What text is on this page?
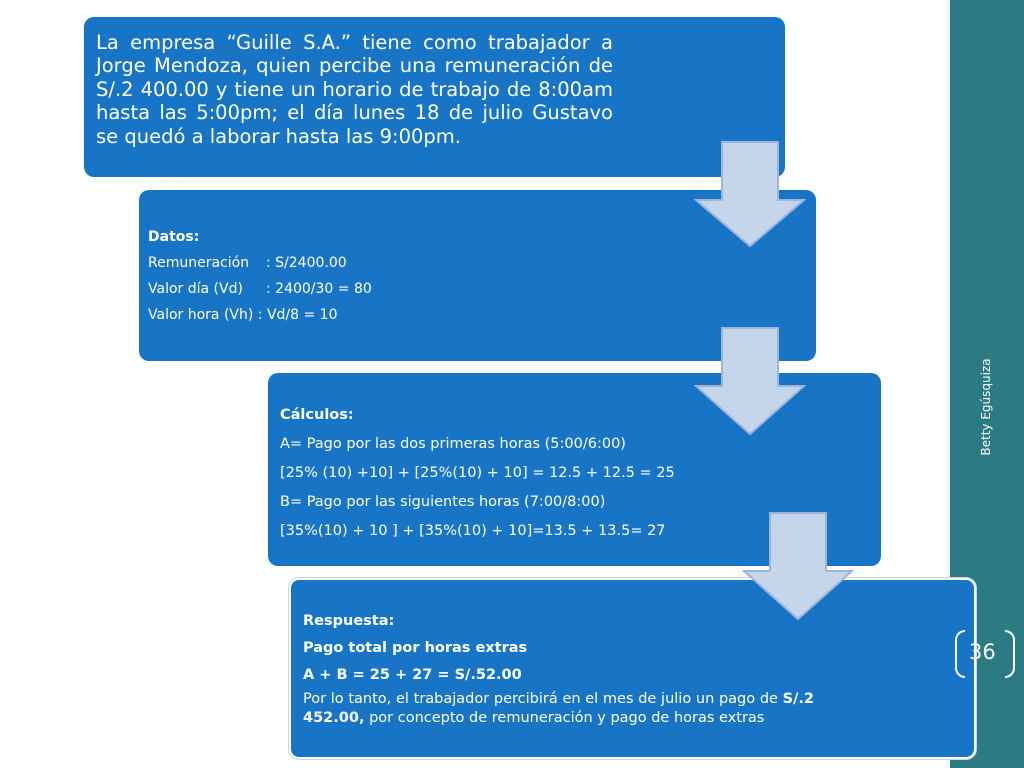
Betty Egúsquiza
La empresa “Guille S.A.” tiene como trabajador a Jorge Mendoza, quien percibe una remuneración de S/.2 400.00 y tiene un horario de trabajo de 8:00am hasta las 5:00pm; el día lunes 18 de julio Gustavo se quedó a laborar hasta las 9:00pm.
Datos:
Remuneración	: S/2400.00
Valor día (Vd)	: 2400/30 = 80
Valor hora (Vh) : Vd/8 = 10
Cálculos:
A= Pago por las dos primeras horas (5:00/6:00)
[25% (10) +10] + [25%(10) + 10] = 12.5 + 12.5 = 25
B= Pago por las siguientes horas (7:00/8:00)
[35%(10) + 10 ] + [35%(10) + 10]=13.5 + 13.5= 27
Respuesta:
Pago total por horas extras
A + B = 25 + 27 = S/.52.00
Por lo tanto, el trabajador percibirá en el mes de julio un pago de S/.2 452.00, por concepto de remuneración y pago de horas extras
36
